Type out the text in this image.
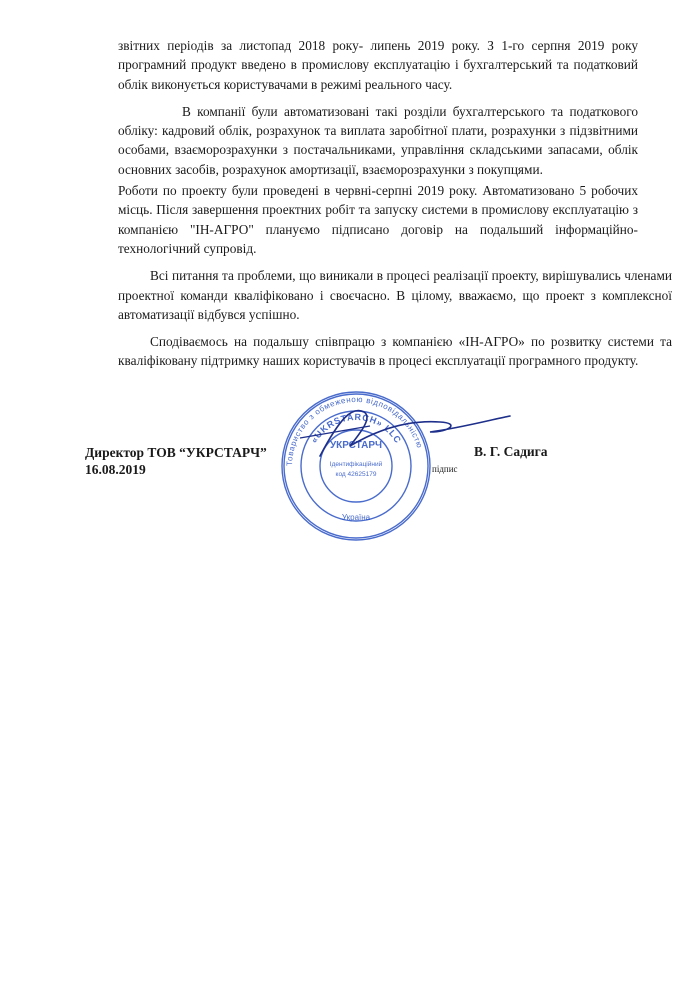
звітних періодів за листопад 2018 року- липень 2019 року. З 1-го серпня 2019 року програмний продукт введено в промислову експлуатацію і бухгалтерський та податковий облік виконується користувачами в режимі реального часу.

В компанії були автоматизовані такі розділи бухгалтерського та податкового обліку: кадровий облік, розрахунок та виплата заробітної плати, розрахунки з підзвітними особами, взаєморозрахунки з постачальниками, управління складськими запасами, облік основних засобів, розрахунок амортизації, взаєморозрахунки з покупцями.

Роботи по проекту були проведені в червні-серпні 2019 року. Автоматизовано 5 робочих місць. Після завершення проектних робіт та запуску системи в промислову експлуатацію з компанією "ІН-АГРО" плануємо підписано договір на подальший інформаційно-технологічний супровід.

Всі питання та проблеми, що виникали в процесі реалізації проекту, вирішувались членами проектної команди кваліфіковано і своєчасно. В цілому, вважаємо, що проект з комплексної автоматизації відбувся успішно.

Сподіваємось на подальшу співпрацю з компанією «ІН-АГРО» по розвитку системи та кваліфіковану підтримку наших користувачів в процесі експлуатації програмного продукту.

Товариство з обмеженою відповідальністю
«UKRSTARCH» LLC
УКРСТАРЧ
Ідентифікаційний
код 42625179
Україна
Директор ТОВ “УКРСТАРЧ”
16.08.2019
В. Г. Садига
підпис
